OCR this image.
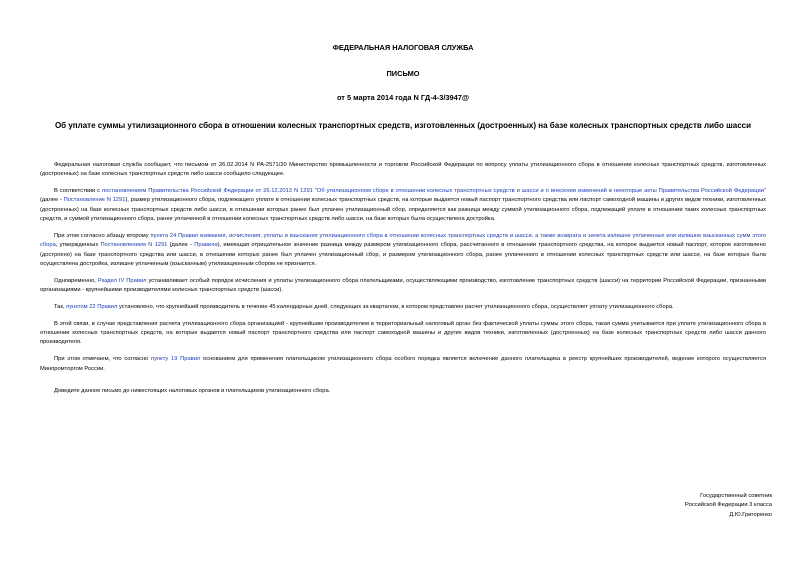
ФЕДЕРАЛЬНАЯ НАЛОГОВАЯ СЛУЖБА

ПИСЬМО

от 5 марта 2014 года N ГД-4-3/3947@

Об уплате суммы утилизационного сбора в отношении колесных транспортных средств, изготовленных (достроенных) на базе колесных транспортных средств либо шасси

Федеральная налоговая служба сообщает, что письмом от 26.02.2014 N РА-2571/20 Министерство промышленности и торговли Российской Федерации по вопросу уплаты утилизационного сбора в отношении колесных транспортных средств, изготовленных (достроенных) на базе колесных транспортных средств либо шасси сообщило следующее.

В соответствии с постановлением Правительства Российской Федерации от 26.12.2013 N 1291 "Об утилизационном сборе в отношении колесных транспортных средств и шасси и о внесении изменений в некоторые акты Правительства Российской Федерации" (далее - Постановление N 1291), размер утилизационного сбора, подлежащего уплате в отношении колесных транспортных средств, на которые выдается новый паспорт транспортного средства или паспорт самоходной машины и других видов техники, изготовленных (достроенных) на базе колесных транспортных средств либо шасси, в отношении которых ранее был уплачен утилизационный сбор, определяется как разница между суммой утилизационного сбора, подлежащей уплате в отношении таких колесных транспортных средств, и суммой утилизационного сбора, ранее уплаченной в отношении колесных транспортных средств либо шасси, на базе которых была осуществлена достройка.

При этом согласно абзацу второму пункта 24 Правил взимания, исчисления, уплаты и взыскания утилизационного сбора в отношении колесных транспортных средств и шасси, а также возврата и зачета излишне уплаченных или излишне взысканных сумм этого сбора, утвержденных Постановлением N 1291 (далее - Правила), имеющая отрицательное значение разница между размером утилизационного сбора, рассчитанного в отношении транспортного средства, на которое выдается новый паспорт, которое изготовлено (достроено) на базе транспортного средства или шасси, в отношении которых ранее был уплачен утилизационный сбор, и размером утилизационного сбора, ранее уплаченного в отношении колесных транспортных средств или шасси, на базе которых была осуществлена достройка, излишне уплаченным (взысканным) утилизационным сбором не признается.

Одновременно, Раздел IV Правил устанавливает особый порядок исчисления и уплаты утилизационного сбора плательщиками, осуществляющими производство, изготовление транспортных средств (шасси) на территории Российской Федерации, признанными организациями - крупнейшими производителями колесных транспортных средств (шасси).

Так, пунктом 22 Правил установлено, что крупнейший производитель в течение 45 календарных дней, следующих за кварталом, в котором представлен расчет утилизационного сбора, осуществляет уплату утилизационного сбора.

В этой связи, в случае представления расчета утилизационного сбора организацией - крупнейшим производителем в территориальный налоговый орган без фактической уплаты суммы этого сбора, такая сумма учитывается при уплате утилизационного сбора в отношении колесных транспортных средств, на которые выдается новый паспорт транспортного средства или паспорт самоходной машины и других видов техники, изготовленных (достроенных) на базе колесных транспортных средств либо шасси данного производителя.

При этом отмечаем, что согласно пункту 19 Правил основанием для применения плательщиком утилизационного сбора особого порядка является включение данного плательщика в реестр крупнейших производителей, ведение которого осуществляется Минпромторгом России.

Доведите данное письмо до нижестоящих налоговых органов и плательщиков утилизационного сбора.

Государственный советник
Российской Федерации 3 класса
Д.Ю.Григоренко
